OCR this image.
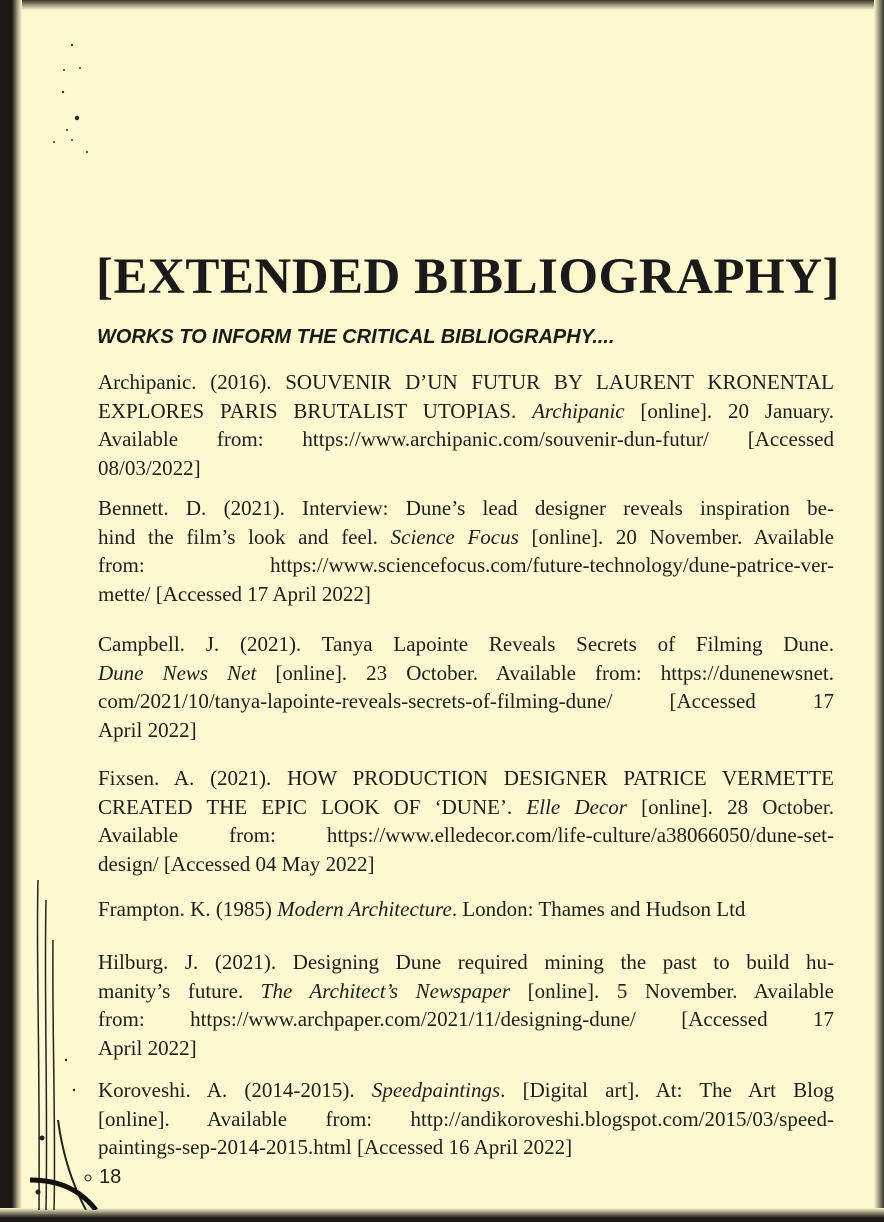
[EXTENDED BIBLIOGRAPHY]
WORKS TO INFORM THE CRITICAL BIBLIOGRAPHY....

Archipanic. (2016). SOUVENIR D’UN FUTUR BY LAURENT KRONENTAL
EXPLORES PARIS BRUTALIST UTOPIAS. Archipanic [online]. 20 January.
Available from: https://www.archipanic.com/souvenir-dun-futur/ [Accessed
08/03/2022]

Bennett. D. (2021). Interview: Dune’s lead designer reveals inspiration be-
hind the film’s look and feel. Science Focus [online]. 20 November. Available
from: https://www.sciencefocus.com/future-technology/dune-patrice-ver-
mette/ [Accessed 17 April 2022]

Campbell. J. (2021). Tanya Lapointe Reveals Secrets of Filming Dune.
Dune News Net [online]. 23 October. Available from: https://dunenewsnet.
com/2021/10/tanya-lapointe-reveals-secrets-of-filming-dune/ [Accessed 17
April 2022]

Fixsen. A. (2021). HOW PRODUCTION DESIGNER PATRICE VERMETTE
CREATED THE EPIC LOOK OF ‘DUNE’. Elle Decor [online]. 28 October.
Available from: https://www.elledecor.com/life-culture/a38066050/dune-set-
design/ [Accessed 04 May 2022]

Frampton. K. (1985) Modern Architecture. London: Thames and Hudson Ltd

Hilburg. J. (2021). Designing Dune required mining the past to build hu-
manity’s future. The Architect’s Newspaper [online]. 5 November. Available
from: https://www.archpaper.com/2021/11/designing-dune/ [Accessed 17
April 2022]

Koroveshi. A. (2014-2015). Speedpaintings. [Digital art]. At: The Art Blog
[online]. Available from: http://andikoroveshi.blogspot.com/2015/03/speed-
paintings-sep-2014-2015.html [Accessed 16 April 2022]

18
